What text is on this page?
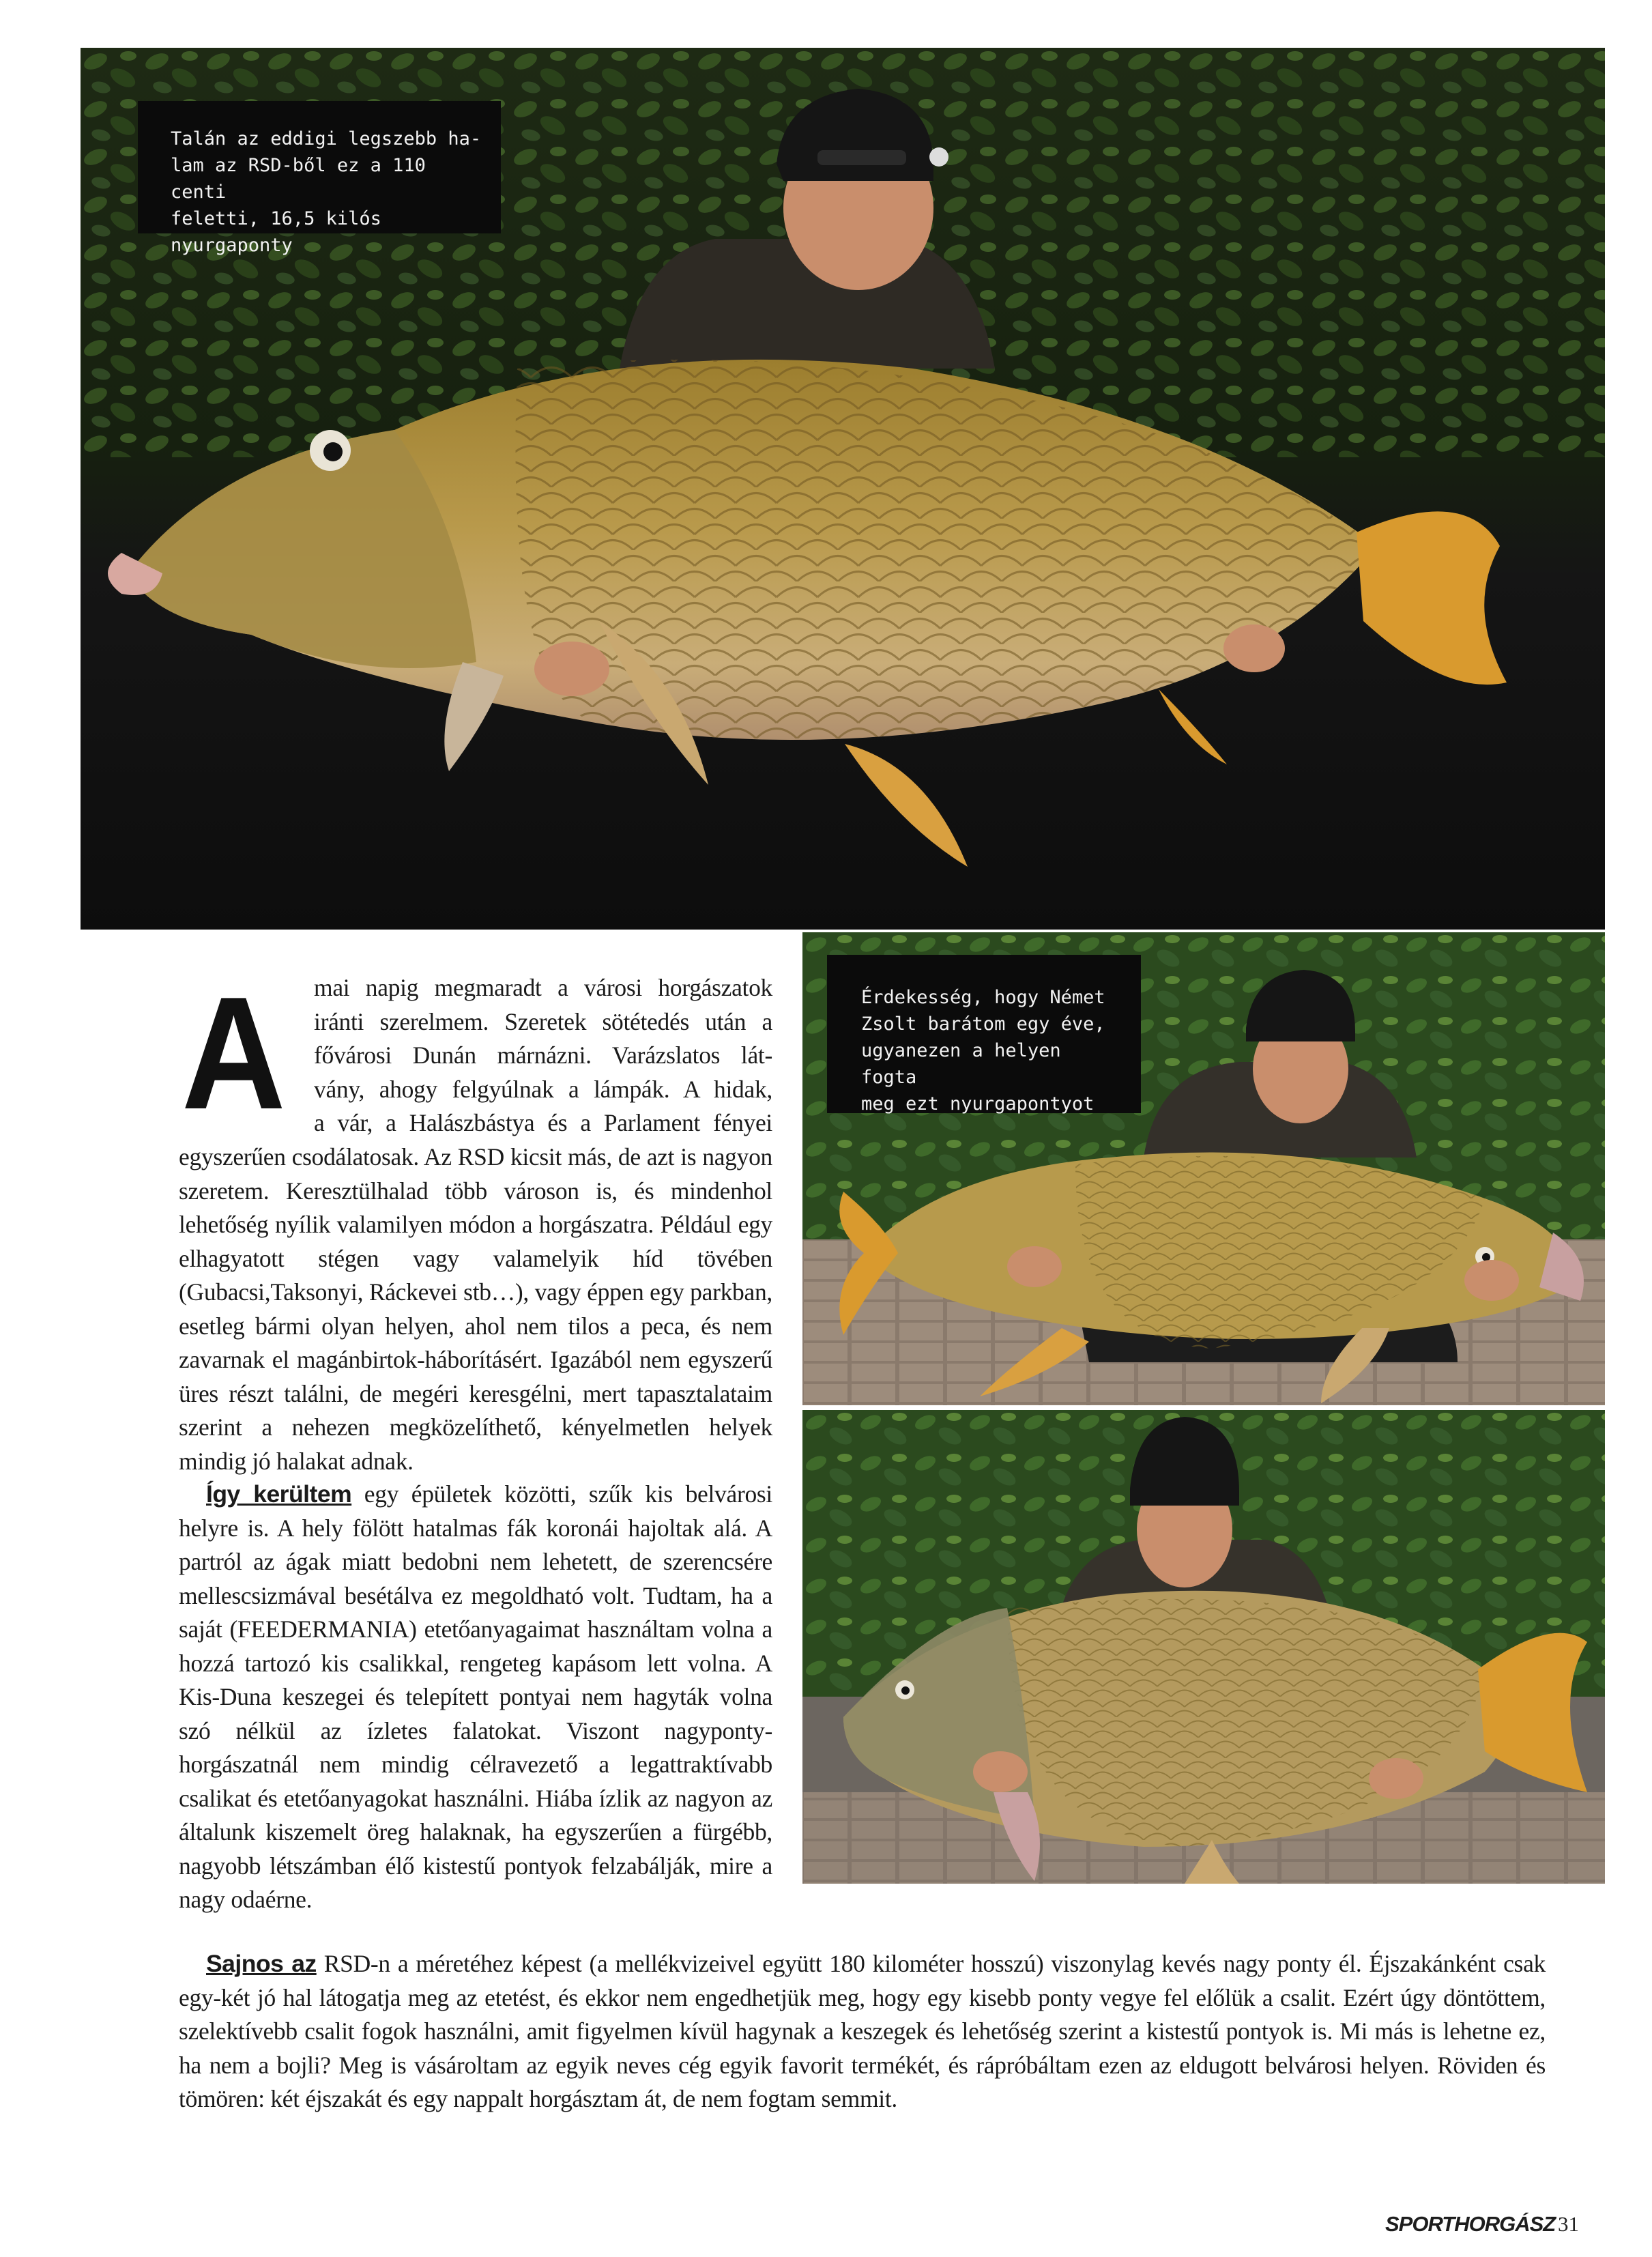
Talán az eddigi legszebb ha-
lam az RSD-ből ez a 110 centi
feletti, 16,5 kilós nyurgaponty
Érdekesség, hogy Német
Zsolt barátom egy éve,
ugyanezen a helyen fogta
meg ezt nyurgapontyot
A mai napig megmaradt a városi horgászatok
iránti szerelmem. Szeretek sötétedés után a
fővárosi Dunán márnázni. Varázslatos lát-
vány, ahogy felgyúlnak a lámpák. A hidak,
a vár, a Halászbástya és a Parlament fényei
egyszerűen csodálatosak. Az RSD kicsit más, de azt is nagyon szeretem. Keresztülhalad több városon is, és mindenhol lehetőség nyílik valamilyen módon a horgászatra. Például egy elhagyatott stégen vagy valamelyik híd tövében (Gubacsi,Taksonyi, Ráckevei stb…), vagy éppen egy parkban, esetleg bármi olyan helyen, ahol nem tilos a peca, és nem zavarnak el magánbirtok-háborításért. Igazából nem egyszerű üres részt találni, de megéri keresgélni, mert tapasztalataim szerint a nehezen megközelíthető, kényelmetlen helyek mindig jó halakat adnak.
Így kerültem egy épületek közötti, szűk kis belvárosi helyre is. A hely fölött hatalmas fák koronái hajoltak alá. A partról az ágak miatt bedobni nem lehetett, de szerencsére mellescsizmával besétálva ez megoldható volt. Tudtam, ha a saját (FEEDERMANIA) etetőanyagaimat használtam volna a hozzá tartozó kis csalikkal, rengeteg kapásom lett volna. A Kis-Duna keszegei és telepített pontyai nem hagyták volna szó nélkül az ízletes falatokat. Viszont nagyponty-horgászatnál nem mindig célravezető a legattraktívabb csalikat és etetőanyagokat használni. Hiába ízlik az nagyon az általunk kiszemelt öreg halaknak, ha egyszerűen a fürgébb, nagyobb létszámban élő kistestű pontyok felzabálják, mire a nagy odaérne.
Sajnos az RSD-n a méretéhez képest (a mellékvizeivel együtt 180 kilométer hosszú) viszonylag kevés nagy ponty él. Éjszakánként csak egy-két jó hal látogatja meg az etetést, és ekkor nem engedhetjük meg, hogy egy kisebb ponty vegye fel előlük a csalit. Ezért úgy döntöttem, szelektívebb csalit fogok használni, amit figyelmen kívül hagynak a keszegek és lehetőség szerint a kistestű pontyok is. Mi más is lehetne ez, ha nem a bojli? Meg is vásároltam az egyik neves cég egyik favorit termékét, és rápróbáltam ezen az eldugott belvárosi helyen. Röviden és tömören: két éjszakát és egy nappalt horgásztam át, de nem fogtam semmit.
SPORTHORGÁSZ 31
